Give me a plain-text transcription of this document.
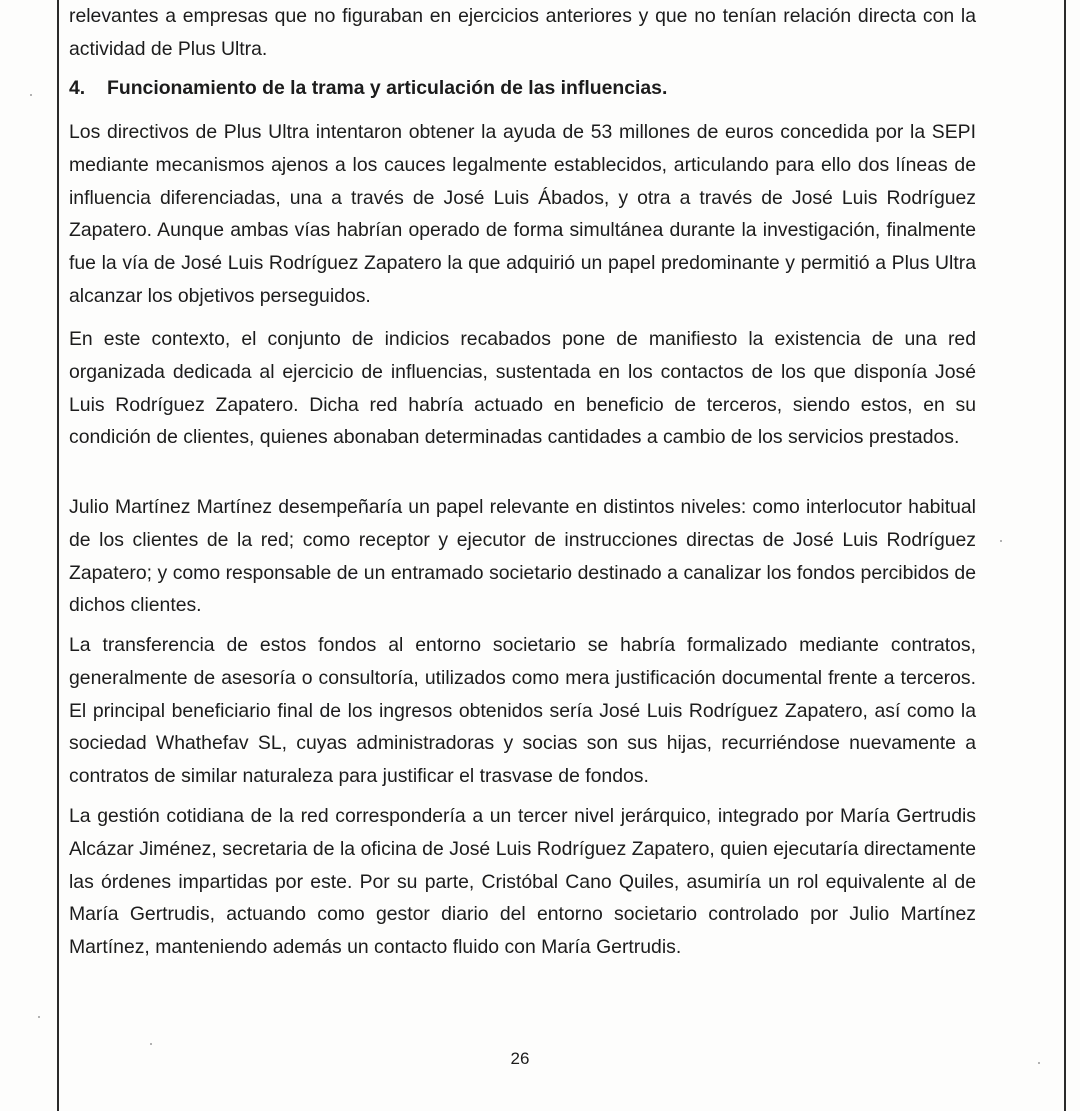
relevantes a empresas que no figuraban en ejercicios anteriores y que no tenían relación directa con la actividad de Plus Ultra.

4. Funcionamiento de la trama y articulación de las influencias.

Los directivos de Plus Ultra intentaron obtener la ayuda de 53 millones de euros concedida por la SEPI mediante mecanismos ajenos a los cauces legalmente establecidos, articulando para ello dos líneas de influencia diferenciadas, una a través de José Luis Ábados, y otra a través de José Luis Rodríguez Zapatero. Aunque ambas vías habrían operado de forma simultánea durante la investigación, finalmente fue la vía de José Luis Rodríguez Zapatero la que adquirió un papel predominante y permitió a Plus Ultra alcanzar los objetivos perseguidos.

En este contexto, el conjunto de indicios recabados pone de manifiesto la existencia de una red organizada dedicada al ejercicio de influencias, sustentada en los contactos de los que disponía José Luis Rodríguez Zapatero. Dicha red habría actuado en beneficio de terceros, siendo estos, en su condición de clientes, quienes abonaban determinadas cantidades a cambio de los servicios prestados.

Julio Martínez Martínez desempeñaría un papel relevante en distintos niveles: como interlocutor habitual de los clientes de la red; como receptor y ejecutor de instrucciones directas de José Luis Rodríguez Zapatero; y como responsable de un entramado societario destinado a canalizar los fondos percibidos de dichos clientes.

La transferencia de estos fondos al entorno societario se habría formalizado mediante contratos, generalmente de asesoría o consultoría, utilizados como mera justificación documental frente a terceros. El principal beneficiario final de los ingresos obtenidos sería José Luis Rodríguez Zapatero, así como la sociedad Whathefav SL, cuyas administradoras y socias son sus hijas, recurriéndose nuevamente a contratos de similar naturaleza para justificar el trasvase de fondos.

La gestión cotidiana de la red correspondería a un tercer nivel jerárquico, integrado por María Gertrudis Alcázar Jiménez, secretaria de la oficina de José Luis Rodríguez Zapatero, quien ejecutaría directamente las órdenes impartidas por este. Por su parte, Cristóbal Cano Quiles, asumiría un rol equivalente al de María Gertrudis, actuando como gestor diario del entorno societario controlado por Julio Martínez Martínez, manteniendo además un contacto fluido con María Gertrudis.

26
